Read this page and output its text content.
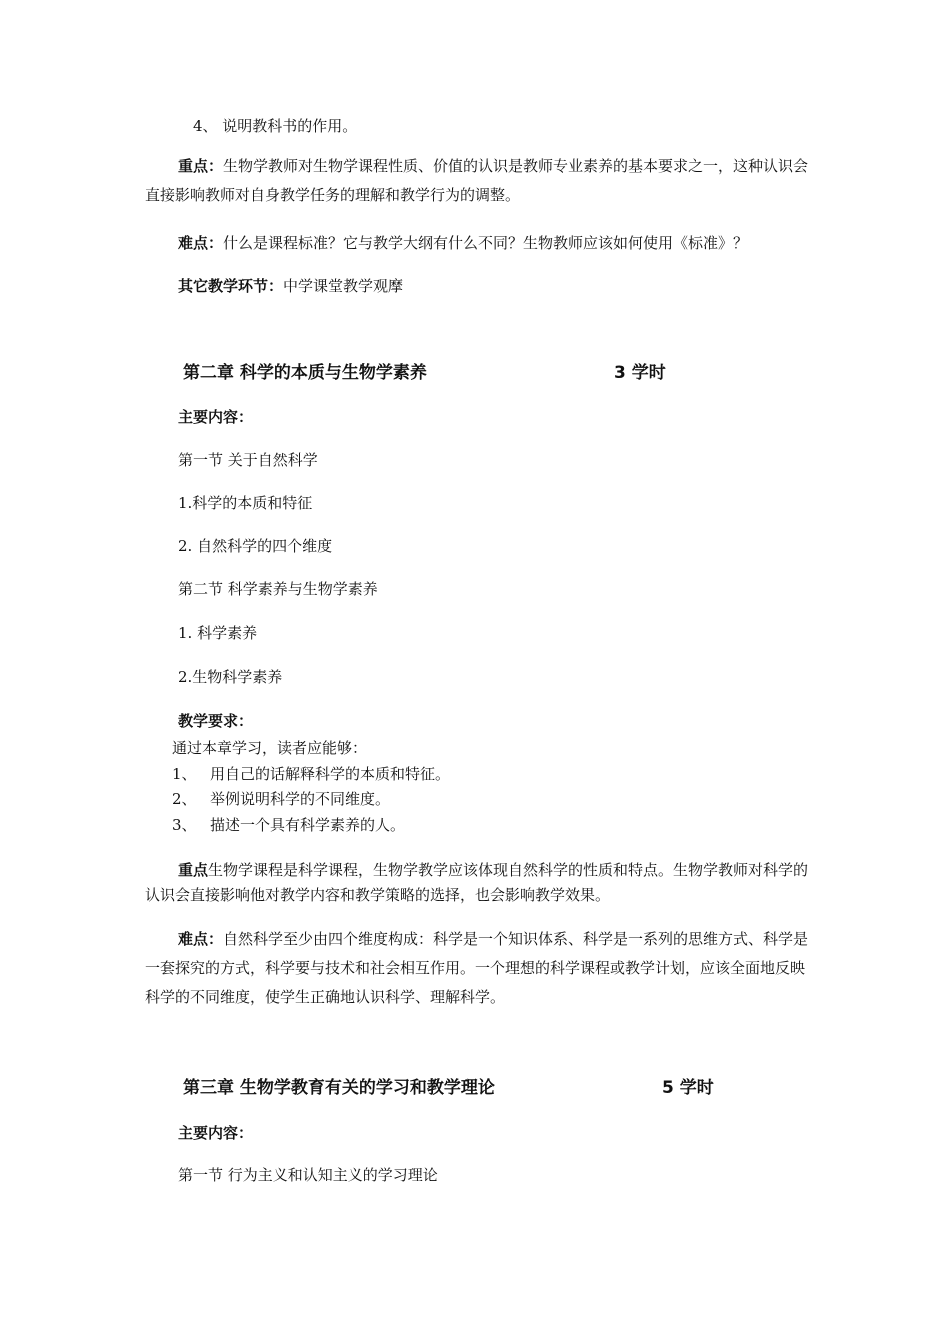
4、 说明教科书的作用。
重点：生物学教师对生物学课程性质、价值的认识是教师专业素养的基本要求之一，这种认识会直接影响教师对自身教学任务的理解和教学行为的调整。
难点：什么是课程标准？它与教学大纲有什么不同？生物教师应该如何使用《标准》？
其它教学环节：中学课堂教学观摩
第二章 科学的本质与生物学素养	3 学时
主要内容：
第一节 关于自然科学
1.科学的本质和特征
2. 自然科学的四个维度
第二节 科学素养与生物学素养
1. 科学素养
2.生物科学素养
教学要求：
通过本章学习，读者应能够：
1、 用自己的话解释科学的本质和特征。
2、 举例说明科学的不同维度。
3、 描述一个具有科学素养的人。
重点生物学课程是科学课程，生物学教学应该体现自然科学的性质和特点。生物学教师对科学的认识会直接影响他对教学内容和教学策略的选择，也会影响教学效果。
难点：自然科学至少由四个维度构成：科学是一个知识体系、科学是一系列的思维方式、科学是一套探究的方式，科学要与技术和社会相互作用。一个理想的科学课程或教学计划，应该全面地反映科学的不同维度，使学生正确地认识科学、理解科学。
第三章 生物学教育有关的学习和教学理论	5 学时
主要内容：
第一节 行为主义和认知主义的学习理论
